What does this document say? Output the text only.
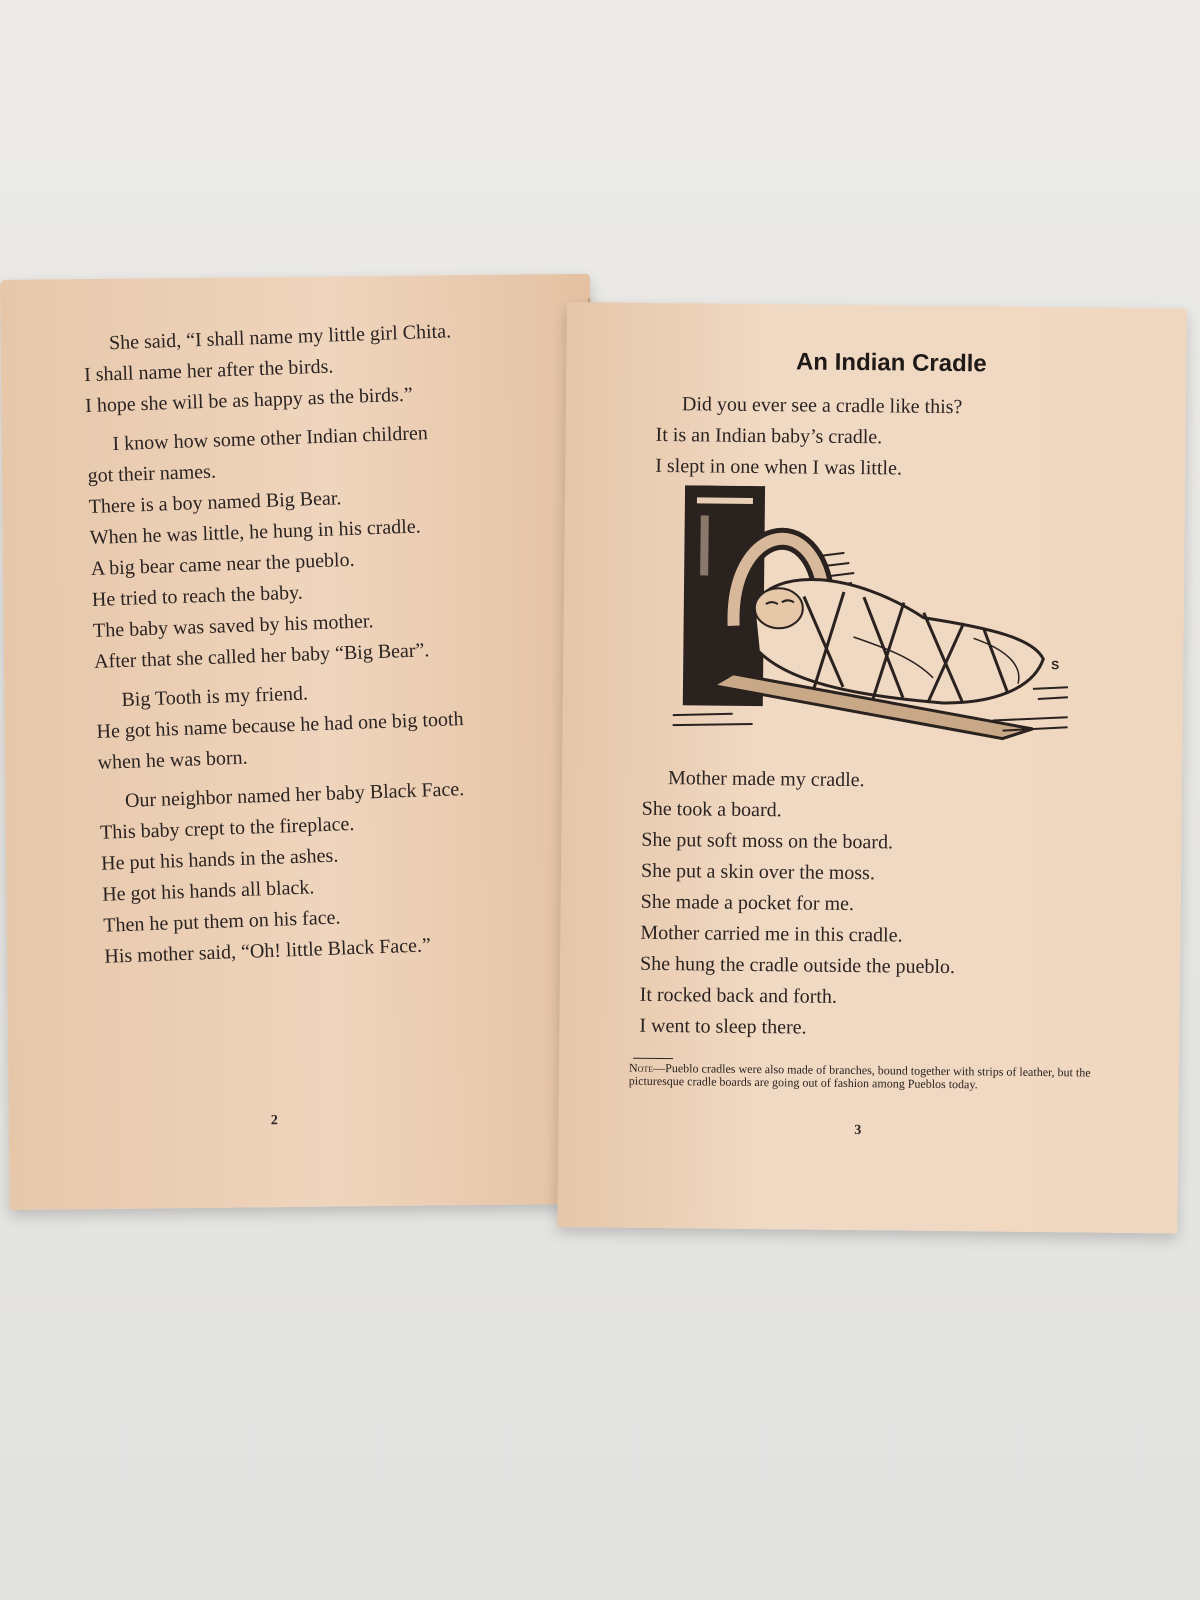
She said, “I shall name my little girl Chita.
I shall name her after the birds.
I hope she will be as happy as the birds.”
I know how some other Indian children
got their names.
There is a boy named Big Bear.
When he was little, he hung in his cradle.
A big bear came near the pueblo.
He tried to reach the baby.
The baby was saved by his mother.
After that she called her baby “Big Bear”.
Big Tooth is my friend.
He got his name because he had one big tooth
when he was born.
Our neighbor named her baby Black Face.
This baby crept to the fireplace.
He put his hands in the ashes.
He got his hands all black.
Then he put them on his face.
His mother said, “Oh! little Black Face.”
2
An Indian Cradle
Did you ever see a cradle like this?
It is an Indian baby’s cradle.
I slept in one when I was little.
S
Mother made my cradle.
She took a board.
She put soft moss on the board.
She put a skin over the moss.
She made a pocket for me.
Mother carried me in this cradle.
She hung the cradle outside the pueblo.
It rocked back and forth.
I went to sleep there.
Note—Pueblo cradles were also made of branches, bound together with strips of leather, but the picturesque cradle boards are going out of fashion among Pueblos today.
3
